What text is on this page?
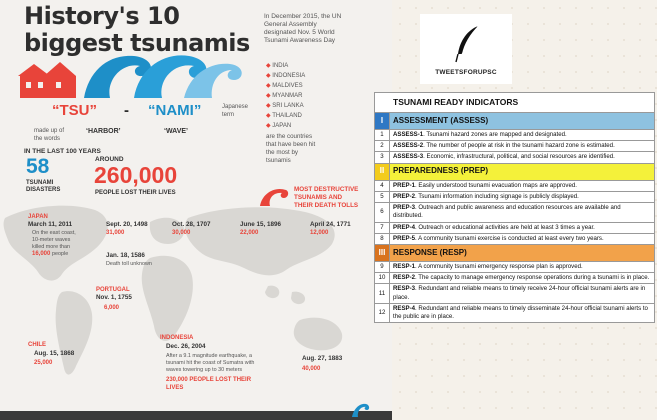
History's 10
biggest tsunamis
In December 2015, the UN
General Assembly
designated Nov. 5 World
Tsunami Awareness Day
◆ INDIA
◆ INDONESIA
◆ MALDIVES
◆ MYANMAR
◆ SRI LANKA
◆ THAILAND
◆ JAPAN
are the countries
that have been hit
the most by
tsunamis
“TSU” - “NAMI”	Japanese
term
made up of
the words
‘HARBOR’	‘WAVE’
IN THE LAST 100 YEARS
AROUND
58
TSUNAMI
DISASTERS
260,000
PEOPLE LOST THEIR LIVES	MOST DESTRUCTIVE
TSUNAMIS AND
THEIR DEATH TOLLS
JAPAN
March 11, 2011
On the east coast,
10-meter waves
killed more than
16,000 people
Sept. 20, 1498
31,000
Oct. 28, 1707
30,000
June 15, 1896
22,000
April 24, 1771
12,000
Jan. 18, 1586
Death toll unknown
PORTUGAL
Nov. 1, 1755
6,000
CHILE
Aug. 15, 1868
25,000
INDONESIA
Dec. 26, 2004
After a 9.1 magnitude earthquake, a
tsunami hit the coast of Sumatra with
waves towering up to 30 meters
230,000 PEOPLE LOST THEIR
LIVES
Aug. 27, 1883
40,000
TWEETSFORUPSC
TSUNAMI READY INDICATORS	
I	ASSESSMENT (ASSESS)
1	ASSESS-1. Tsunami hazard zones are mapped and designated.
2	ASSESS-2. The number of people at risk in the tsunami hazard zone is estimated.
3	ASSESS-3. Economic, infrastructural, political, and social resources are identified.
II	PREPAREDNESS (PREP)
4	PREP-1. Easily understood tsunami evacuation maps are approved.
5	PREP-2. Tsunami information including signage is publicly displayed.
6	PREP-3. Outreach and public awareness and education resources are available and distributed.
7	PREP-4. Outreach or educational activities are held at least 3 times a year.
8	PREP-5. A community tsunami exercise is conducted at least every two years.
III	RESPONSE (RESP)
9	RESP-1. A community tsunami emergency response plan is approved.
10	RESP-2. The capacity to manage emergency response operations during a tsunami is in place.
11	RESP-3. Redundant and reliable means to timely receive 24-hour official tsunami alerts are in place.
12	RESP-4. Redundant and reliable means to timely disseminate 24-hour official tsunami alerts to the public are in place.
